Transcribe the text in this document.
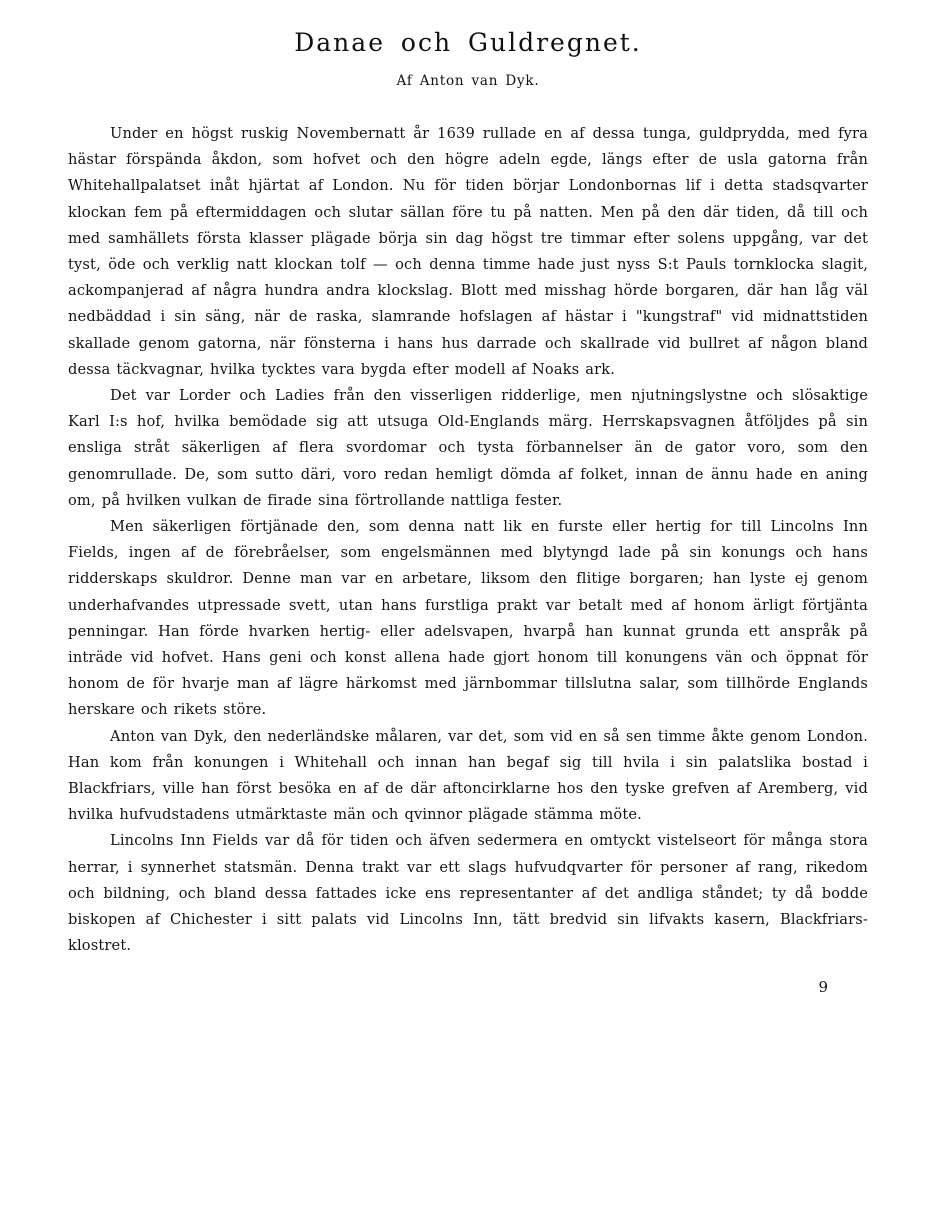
Danae och Guldregnet.
Af Anton van Dyk.

Under en högst ruskig Novembernatt år 1639 rullade en af dessa tunga, guldprydda, med fyra hästar förspända åkdon, som hofvet och den högre adeln egde, längs efter de usla gatorna från Whitehallpalatset inåt hjärtat af London. Nu för tiden börjar Londonbornas lif i detta stadsqvarter klockan fem på eftermiddagen och slutar sällan före tu på natten. Men på den där tiden, då till och med samhällets första klasser plägade börja sin dag högst tre timmar efter solens uppgång, var det tyst, öde och verklig natt klockan tolf — och denna timme hade just nyss S:t Pauls tornklocka slagit, ackompanjerad af några hundra andra klockslag. Blott med misshag hörde borgaren, där han låg väl nedbäddad i sin säng, när de raska, slamrande hofslagen af hästar i "kungstraf" vid midnattstiden skallade genom gatorna, när fönsterna i hans hus darrade och skallrade vid bullret af någon bland dessa täckvagnar, hvilka tycktes vara bygda efter modell af Noaks ark.

Det var Lorder och Ladies från den visserligen ridderlige, men njutningslystne och slösaktige Karl I:s hof, hvilka bemödade sig att utsuga Old-Englands märg. Herrskapsvagnen åtföljdes på sin ensliga stråt säkerligen af flera svordomar och tysta förbannelser än de gator voro, som den genomrullade. De, som sutto däri, voro redan hemligt dömda af folket, innan de ännu hade en aning om, på hvilken vulkan de firade sina förtrollande nattliga fester.

Men säkerligen förtjänade den, som denna natt lik en furste eller hertig for till Lincolns Inn Fields, ingen af de förebråelser, som engelsmännen med blytyngd lade på sin konungs och hans ridderskaps skuldror. Denne man var en arbetare, liksom den flitige borgaren; han lyste ej genom underhafvandes utpressade svett, utan hans furstliga prakt var betalt med af honom ärligt förtjänta penningar. Han förde hvarken hertig- eller adelsvapen, hvarpå han kunnat grunda ett anspråk på inträde vid hofvet. Hans geni och konst allena hade gjort honom till konungens vän och öppnat för honom de för hvarje man af lägre härkomst med järnbommar tillslutna salar, som tillhörde Englands herskare och rikets störe.

Anton van Dyk, den nederländske målaren, var det, som vid en så sen timme åkte genom London. Han kom från konungen i Whitehall och innan han begaf sig till hvila i sin palatslika bostad i Blackfriars, ville han först besöka en af de där aftoncirklarne hos den tyske grefven af Aremberg, vid hvilka hufvudstadens utmärktaste män och qvinnor plägade stämma möte.

Lincolns Inn Fields var då för tiden och äfven sedermera en omtyckt vistelseort för många stora herrar, i synnerhet statsmän. Denna trakt var ett slags hufvudqvarter för personer af rang, rikedom och bildning, och bland dessa fattades icke ens representanter af det andliga ståndet; ty då bodde biskopen af Chichester i sitt palats vid Lincolns Inn, tätt bredvid sin lifvakts kasern, Blackfriars-klostret.

9
